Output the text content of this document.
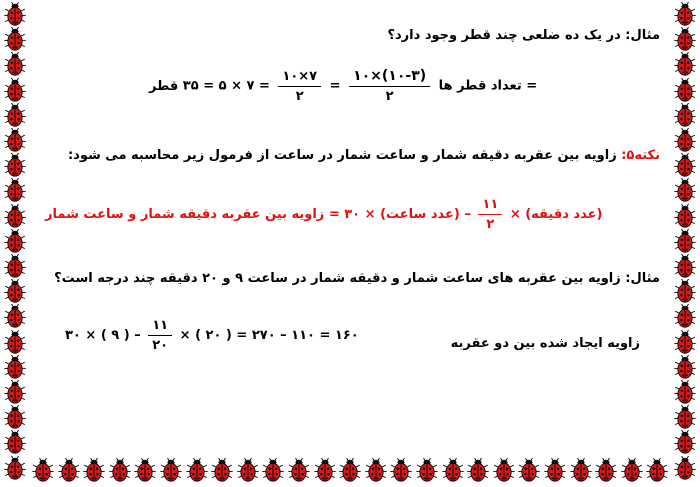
مثال: در یک ده ضلعی چند قطر وجود دارد؟
= تعداد قطر ها
$\frac{۱۰\times(۱۰-۳)}{۲}$
=
$\frac{۱۰\times ۷}{۲}$
= ۷ × ۵ = ۳۵ قطر
نکته۵: زاویه بین عقربه دقیقه شمار و ساعت شمار در ساعت از فرمول زیر محاسبه می شود:
(عدد دقیقه) ×
$\frac{۱۱}{۲}$
– (عدد ساعت) × ۳۰ = زاویه بین عقربه دقیقه شمار و ساعت شمار
مثال: زاویه بین عقربه های ساعت شمار و دقیقه شمار در ساعت ۹ و ۲۰ دقیقه چند درجه است؟
۳۰ × ( ۹ ) – $\frac{۱۱}{۲۰}$ × ( ۲۰ ) = ۲۷۰ – ۱۱۰ = ۱۶۰
زاویه ایجاد شده بین دو عقربه
